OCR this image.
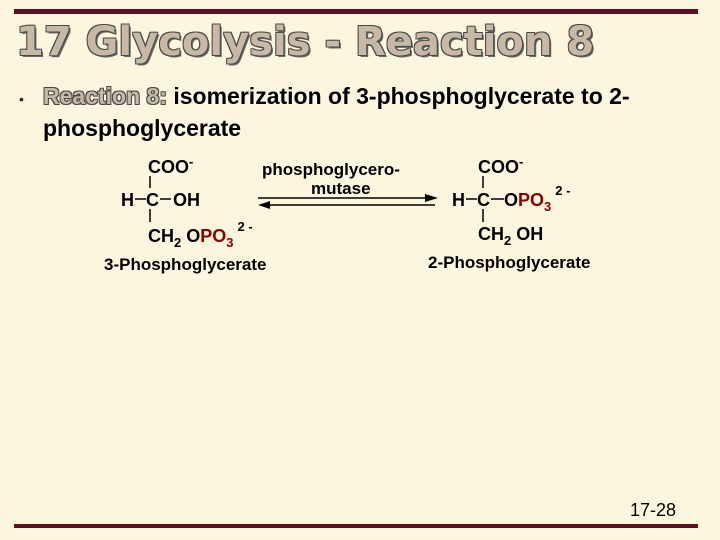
17 Glycolysis - Reaction 8
• Reaction 8: isomerization of 3-phosphoglycerate to 2-phosphoglycerate
COO-
H C OH
$CH_2$ $OPO_3^{2 -}$
3-Phosphoglycerate
phosphoglycero-
mutase
COO-
H C $OPO_3^{2 -}$
$CH_2$ OH
2-Phosphoglycerate
17-28
